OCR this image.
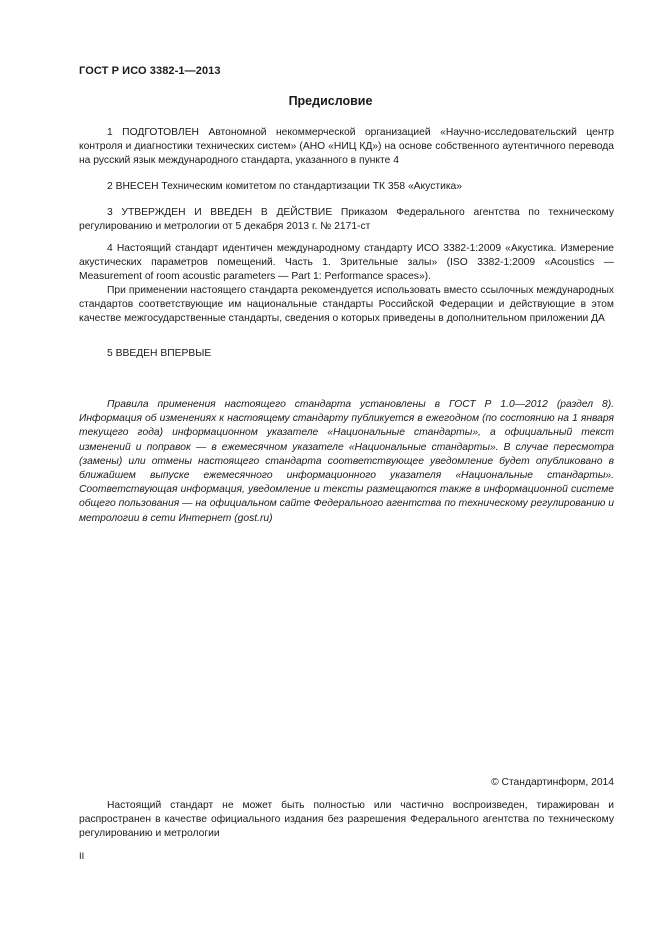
ГОСТ Р ИСО 3382-1—2013
Предисловие

1 ПОДГОТОВЛЕН Автономной некоммерческой организацией «Научно-исследовательский центр контроля и диагностики технических систем» (АНО «НИЦ КД») на основе собственного аутентичного перевода на русский язык международного стандарта, указанного в пункте 4

2 ВНЕСЕН Техническим комитетом по стандартизации ТК 358 «Акустика»

3 УТВЕРЖДЕН И ВВЕДЕН В ДЕЙСТВИЕ Приказом Федерального агентства по техническому регулированию и метрологии от 5 декабря 2013 г. № 2171-ст

4 Настоящий стандарт идентичен международному стандарту ИСО 3382-1:2009 «Акустика. Измерение акустических параметров помещений. Часть 1. Зрительные залы» (ISO 3382-1:2009 «Acoustics — Measurement of room acoustic parameters — Part 1: Performance spaces»).

При применении настоящего стандарта рекомендуется использовать вместо ссылочных международных стандартов соответствующие им национальные стандарты Российской Федерации и действующие в этом качестве межгосударственные стандарты, сведения о которых приведены в дополнительном приложении ДА

5 ВВЕДЕН ВПЕРВЫЕ

Правила применения настоящего стандарта установлены в ГОСТ Р 1.0—2012 (раздел 8). Информация об изменениях к настоящему стандарту публикуется в ежегодном (по состоянию на 1 января текущего года) информационном указателе «Национальные стандарты», а официальный текст изменений и поправок — в ежемесячном указателе «Национальные стандарты». В случае пересмотра (замены) или отмены настоящего стандарта соответствующее уведомление будет опубликовано в ближайшем выпуске ежемесячного информационного указателя «Национальные стандарты». Соответствующая информация, уведомление и тексты размещаются также в информационной системе общего пользования — на официальном сайте Федерального агентства по техническому регулированию и метрологии в сети Интернет (gost.ru)

© Стандартинформ, 2014

Настоящий стандарт не может быть полностью или частично воспроизведен, тиражирован и распространен в качестве официального издания без разрешения Федерального агентства по техническому регулированию и метрологии

II
